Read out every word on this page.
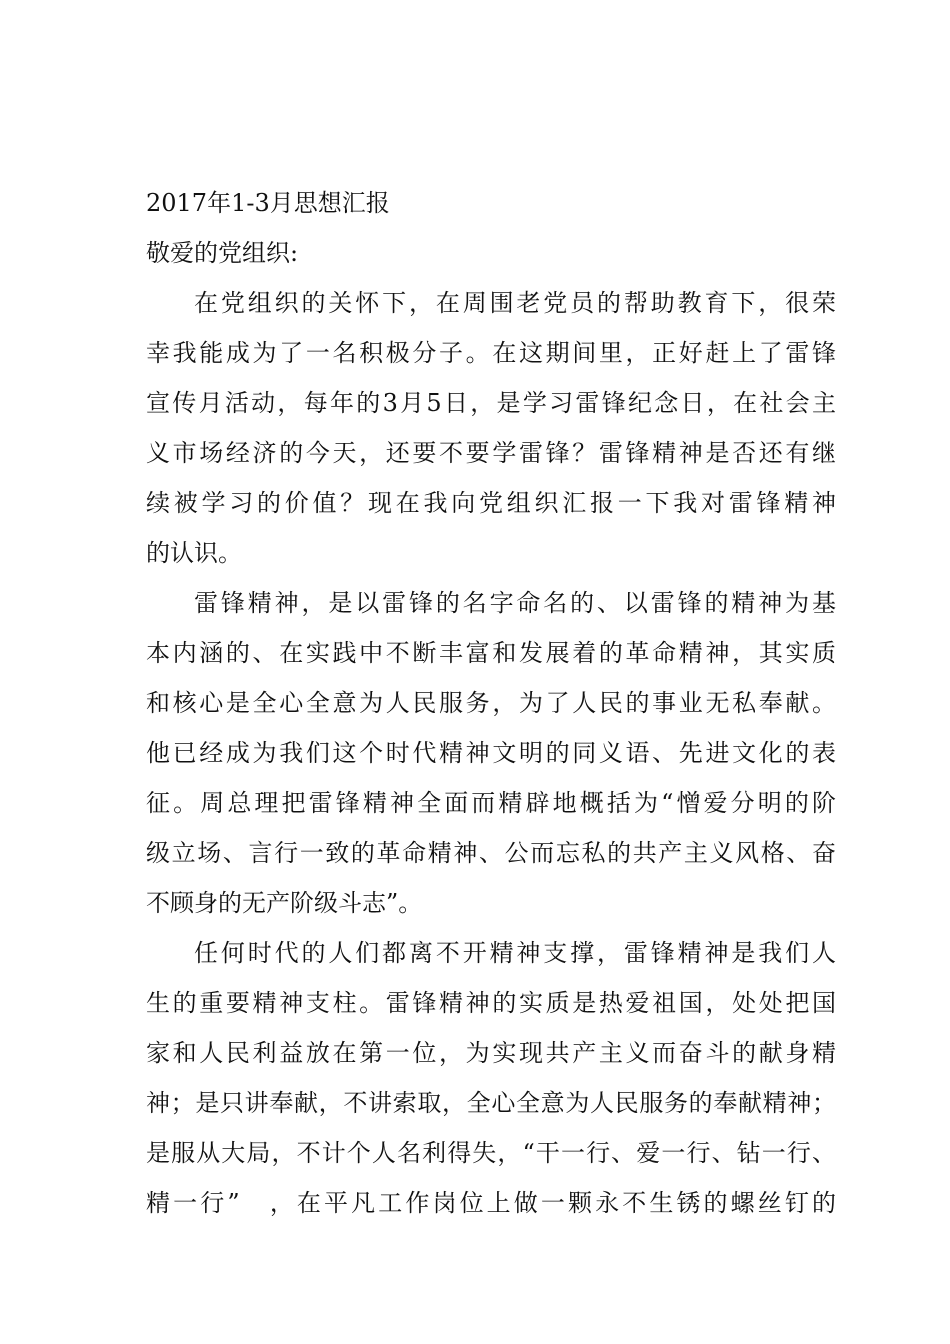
2017年1-3月思想汇报
敬爱的党组织:
在党组织的关怀下，在周围老党员的帮助教育下，很荣
幸我能成为了一名积极分子。在这期间里，正好赶上了雷锋
宣传月活动，每年的3月5日，是学习雷锋纪念日，在社会主
义市场经济的今天，还要不要学雷锋？雷锋精神是否还有继
续被学习的价值？现在我向党组织汇报一下我对雷锋精神
的认识。
雷锋精神，是以雷锋的名字命名的、以雷锋的精神为基
本内涵的、在实践中不断丰富和发展着的革命精神，其实质
和核心是全心全意为人民服务，为了人民的事业无私奉献。
他已经成为我们这个时代精神文明的同义语、先进文化的表
征。周总理把雷锋精神全面而精辟地概括为“憎爱分明的阶
级立场、言行一致的革命精神、公而忘私的共产主义风格、奋
不顾身的无产阶级斗志”。
任何时代的人们都离不开精神支撑，雷锋精神是我们人
生的重要精神支柱。雷锋精神的实质是热爱祖国，处处把国
家和人民利益放在第一位，为实现共产主义而奋斗的献身精
神；是只讲奉献，不讲索取，全心全意为人民服务的奉献精神；
是服从大局，不计个人名利得失，“干一行、爱一行、钻一行、
精一行”　，在平凡工作岗位上做一颗永不生锈的螺丝钉的
